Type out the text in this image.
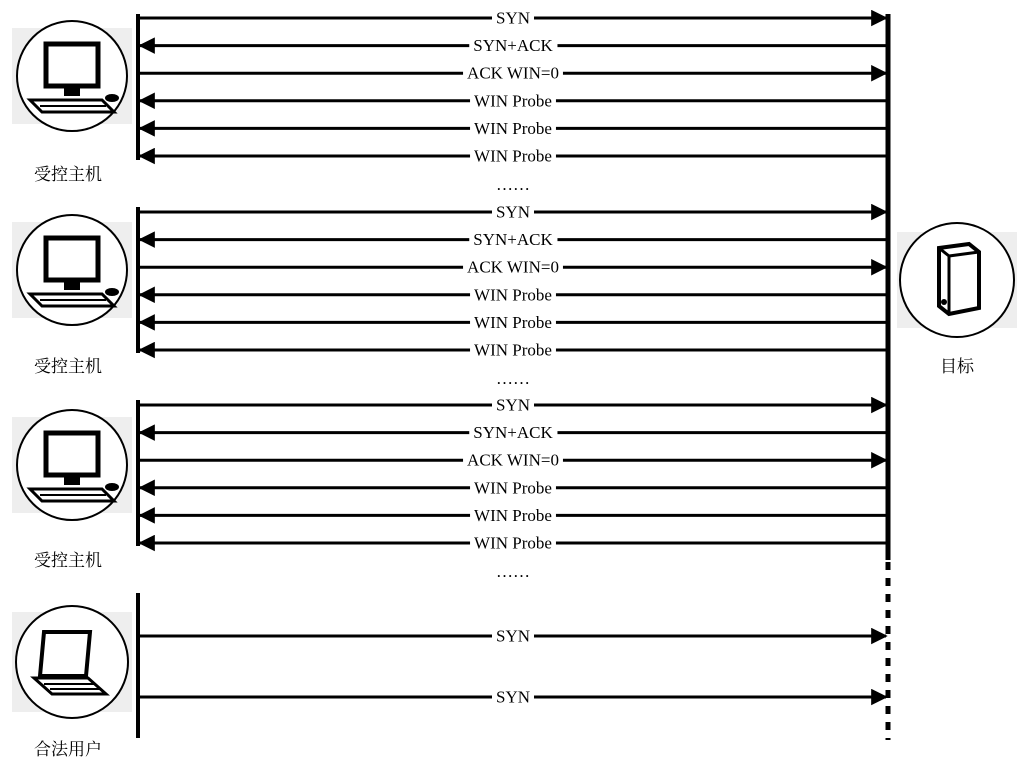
受控主机
受控主机
受控主机
合法用户
目标
SYN
SYN+ACK
ACK WIN=0
WIN Probe
WIN Probe
WIN Probe
……
SYN
SYN+ACK
ACK WIN=0
WIN Probe
WIN Probe
WIN Probe
……
SYN
SYN+ACK
ACK WIN=0
WIN Probe
WIN Probe
WIN Probe
……
SYN
SYN
